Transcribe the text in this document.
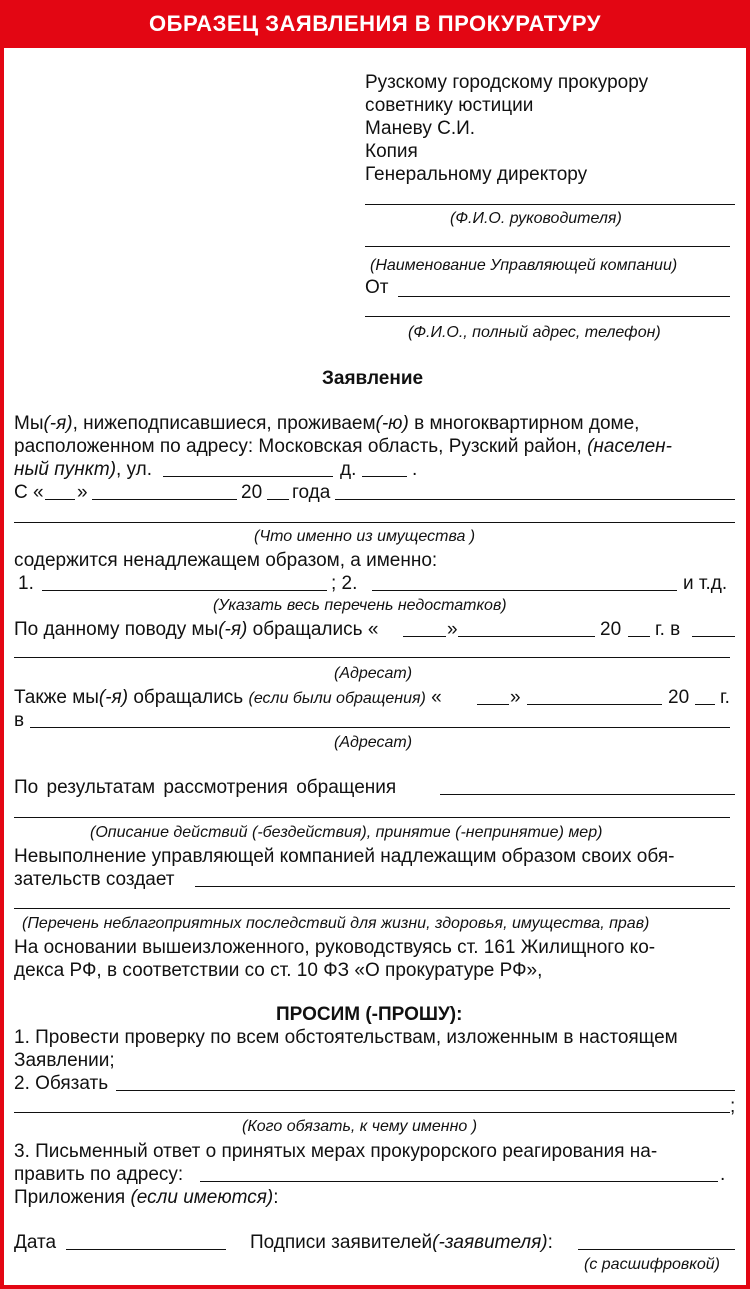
ОБРАЗЕЦ ЗАЯВЛЕНИЯ В ПРОКУРАТУРУ
Рузскому городскому прокурору
советнику юстиции
Маневу С.И.
Копия
Генеральному директору
(Ф.И.О. руководителя)
(Наименование Управляющей компании)
От
(Ф.И.О., полный адрес, телефон)
Заявление
Мы(-я), нижеподписавшиеся, проживаем(-ю) в многоквартирном доме,
расположенном по адресу: Московская область, Рузский район, (населен-
ный пункт), ул.	д.	.
С « »	20 года
(Что именно из имущества )
содержится ненадлежащем образом, а именно:
1.	; 2.	и т.д.
(Указать весь перечень недостатков)
По данному поводу мы(-я) обращались «	»	20 г. в
(Адресат)
Также мы(-я) обращались (если были обращения) «	»	20 г.
в
(Адресат)
По результатам рассмотрения обращения
(Описание действий (-бездействия), принятие (-непринятие) мер)
Невыполнение управляющей компанией надлежащим образом своих обя-
зательств создает
(Перечень неблагоприятных последствий для жизни, здоровья, имущества, прав)
На основании вышеизложенного, руководствуясь ст. 161 Жилищного ко-
декса РФ, в соответствии со ст. 10 ФЗ «О прокуратуре РФ»,
ПРОСИМ (-ПРОШУ):
1. Провести проверку по всем обстоятельствам, изложенным в настоящем
Заявлении;
2. Обязать
;
(Кого обязать, к чему именно )
3. Письменный ответ о принятых мерах прокурорского реагирования на-
править по адресу:	.
Приложения (если имеются):
Дата	Подписи заявителей(-заявителя):
(с расшифровкой)
